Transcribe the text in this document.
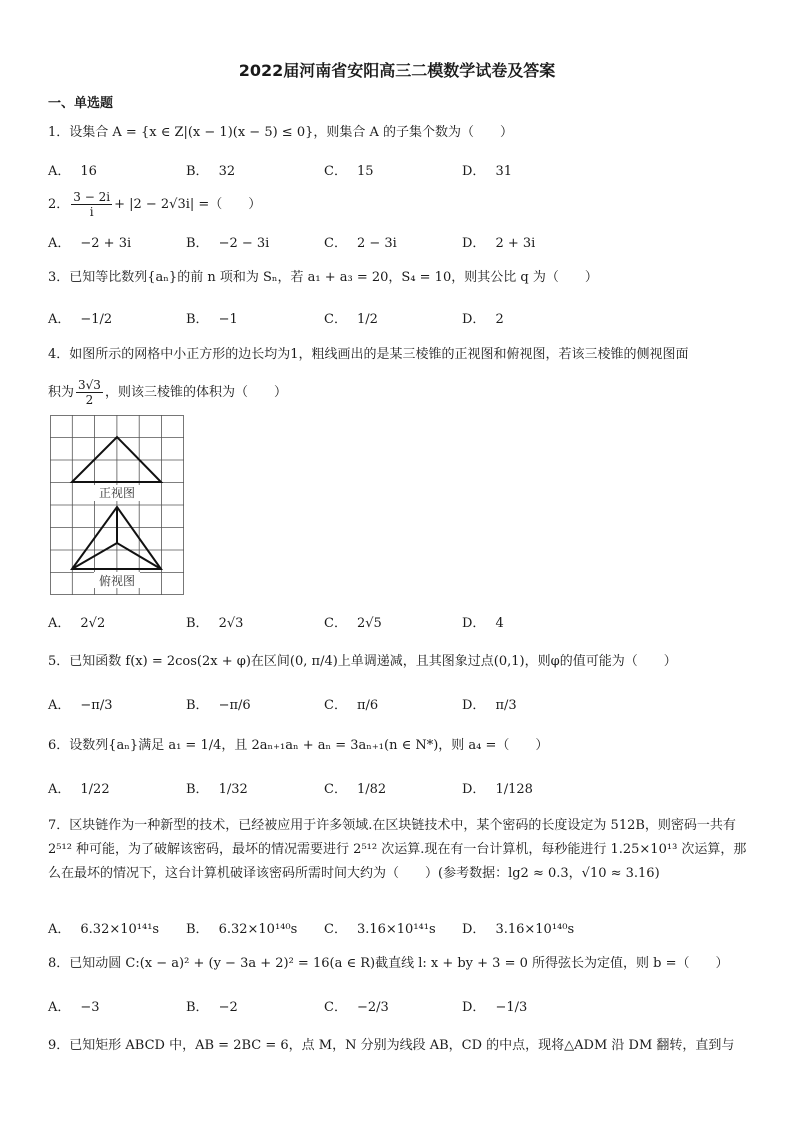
2022届河南省安阳高三二模数学试卷及答案
一、单选题
1．设集合 A = {x ∈ Z|(x − 1)(x − 5) ≤ 0}，则集合 A 的子集个数为（　　）
A． 16	B． 32	C． 15	D． 31
2． $\frac{3 - 2i}{i} + |2 - 2√3i|$ =（　　）
A． −2 + 3i	B． −2 − 3i	C． 2 − 3i	D． 2 + 3i
3．已知等比数列{aₙ}的前 n 项和为 Sₙ，若 a₁ + a₃ = 20，S₄ = 10，则其公比 q 为（　　）
A． −1/2	B． −1	C． 1/2	D． 2
4．如图所示的网格中小正方形的边长均为1，粗线画出的是某三棱锥的正视图和俯视图，若该三棱锥的侧视图面
积为 $\frac{3√3}{2}$ ，则该三棱锥的体积为（　　）
正视图
俯视图
A． 2√2	B． 2√3	C． 2√5	D． 4
5．已知函数 f(x) = 2cos(2x + φ)在区间(0, π/4)上单调递减，且其图象过点(0,1)，则φ的值可能为（　　）
A． −π/3	B． −π/6	C． π/6	D． π/3
6．设数列{aₙ}满足 a₁ = 1/4，且 2aₙ₊₁aₙ + aₙ = 3aₙ₊₁(n ∈ N*)，则 a₄ =（　　）
A． 1/22	B． 1/32	C． 1/82	D． 1/128
7．区块链作为一种新型的技术，已经被应用于许多领域.在区块链技术中，某个密码的长度设定为 512B，则密码一共有 2⁵¹² 种可能，为了破解该密码，最坏的情况需要进行 2⁵¹² 次运算.现在有一台计算机，每秒能进行 1.25×10¹³ 次运算，那么在最坏的情况下，这台计算机破译该密码所需时间大约为（　　）(参考数据：lg2 ≈ 0.3，√10 ≈ 3.16)
A． 6.32×10¹⁴¹s B． 6.32×10¹⁴⁰s C． 3.16×10¹⁴¹s D． 3.16×10¹⁴⁰s
8．已知动圆 C:(x − a)² + (y − 3a + 2)² = 16(a ∈ R)截直线 l: x + by + 3 = 0 所得弦长为定值，则 b =（　　）
A． −3	B． −2	C． −2/3	D． −1/3
9．已知矩形 ABCD 中，AB = 2BC = 6，点 M，N 分别为线段 AB，CD 的中点，现将△ADM 沿 DM 翻转，直到与
